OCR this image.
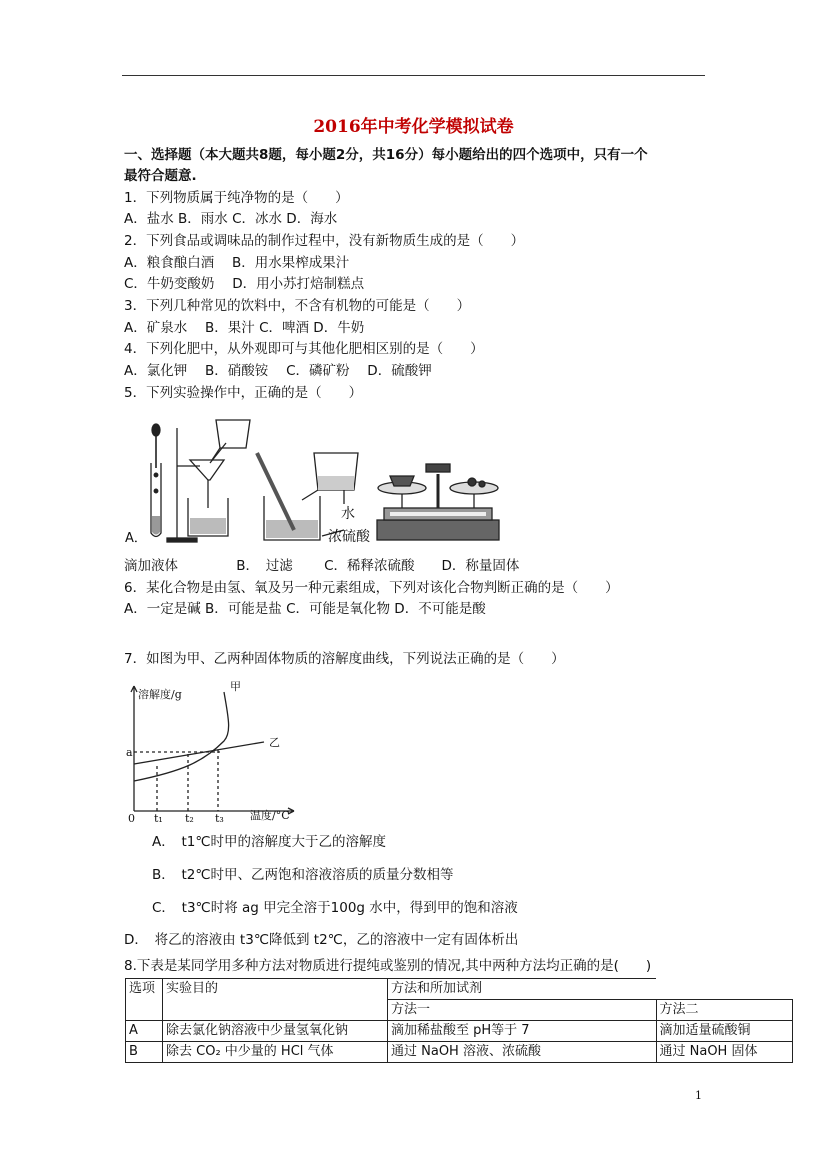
2016年中考化学模拟试卷
一、选择题（本大题共8题，每小题2分，共16分）每小题给出的四个选项中，只有一个
最符合题意.
1．下列物质属于纯净物的是（　　）
A．盐水 B．雨水 C．冰水 D．海水
2．下列食品或调味品的制作过程中，没有新物质生成的是（　　）
A．粮食酿白酒　 B．用水果榨成果汁
C．牛奶变酸奶　 D．用小苏打焙制糕点
3．下列几种常见的饮料中，不含有机物的可能是（　　）
A．矿泉水　 B．果汁 C．啤酒 D．牛奶
4．下列化肥中，从外观即可与其他化肥相区别的是（　　）
A．氯化钾　 B．硝酸铵　 C．磷矿粉　 D．硫酸钾
5．下列实验操作中，正确的是（　　）
A．
水
浓硫酸
滴加液体　　　　 B．　过滤　　 C．稀释浓硫酸　　D．称量固体
6．某化合物是由氢、氧及另一种元素组成，下列对该化合物判断正确的是（　　）
A．一定是碱 B．可能是盐 C．可能是氧化物 D．不可能是酸
7．如图为甲、乙两种固体物质的溶解度曲线，下列说法正确的是（　　）
溶解度/g
甲
乙
a
0 t₁ t₂ t₃ 温度/°C
A．　t1℃时甲的溶解度大于乙的溶解度
B．　t2℃时甲、乙两饱和溶液溶质的质量分数相等
C．　t3℃时将 ag 甲完全溶于100g 水中，得到甲的饱和溶液
D．　将乙的溶液由 t3℃降低到 t2℃，乙的溶液中一定有固体析出
8.下表是某同学用多种方法对物质进行提纯或鉴别的情况,其中两种方法均正确的是(　　)
选项	实验目的	方法和所加试剂	
		方法一	方法二
A	除去氯化钠溶液中少量氢氧化钠	滴加稀盐酸至 pH等于 7	滴加适量硫酸铜
B	除去 CO₂ 中少量的 HCl 气体	通过 NaOH 溶液、浓硫酸	通过 NaOH 固体
1
